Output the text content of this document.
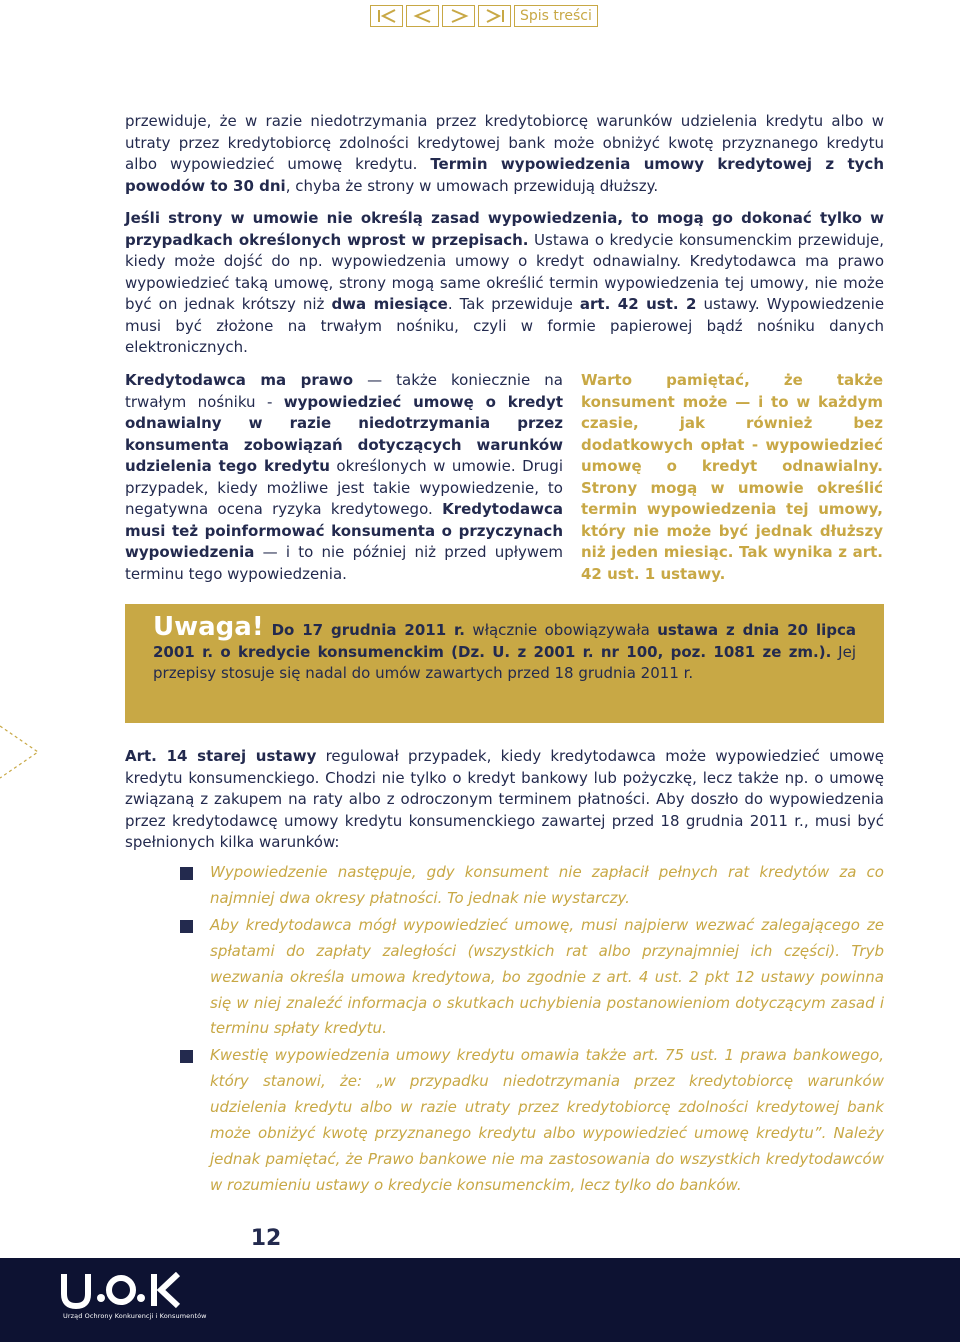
Spis treści

przewiduje, że w razie niedotrzymania przez kredytobiorcę warunków udzielenia kredytu albo w utraty przez kredytobiorcę zdolności kredytowej bank może obniżyć kwotę przyznanego kredytu albo wypowiedzieć umowę kredytu. Termin wypowiedzenia umowy kredytowej z tych powodów to 30 dni, chyba że strony w umowach przewidują dłuższy.

Jeśli strony w umowie nie określą zasad wypowiedzenia, to mogą go dokonać tylko w przypadkach określonych wprost w przepisach. Ustawa o kredycie konsumenckim przewiduje, kiedy może dojść do np. wypowiedzenia umowy o kredyt odnawialny. Kredytodawca ma prawo wypowiedzieć taką umowę, strony mogą same określić termin wypowiedzenia tej umowy, nie może być on jednak krótszy niż dwa miesiące. Tak przewiduje art. 42 ust. 2 ustawy. Wypowiedzenie musi być złożone na trwałym nośniku, czyli w formie papierowej bądź nośniku danych elektronicznych.

Kredytodawca ma prawo — także koniecznie na trwałym nośniku - wypowiedzieć umowę o kredyt odnawialny w razie niedotrzymania przez konsumenta zobowiązań dotyczących warunków udzielenia tego kredytu określonych w umowie. Drugi przypadek, kiedy możliwe jest takie wypowiedzenie, to negatywna ocena ryzyka kredytowego. Kredytodawca musi też poinformować konsumenta o przyczynach wypowiedzenia — i to nie później niż przed upływem terminu tego wypowiedzenia.

Warto pamiętać, że także konsument może — i to w każdym czasie, jak również bez dodatkowych opłat - wypowiedzieć umowę o kredyt odnawialny. Strony mogą w umowie określić termin wypowiedzenia tej umowy, który nie może być jednak dłuższy niż jeden miesiąc. Tak wynika z art. 42 ust. 1 ustawy.

Uwaga! Do 17 grudnia 2011 r. włącznie obowiązywała ustawa z dnia 20 lipca 2001 r. o kredycie konsumenckim (Dz. U. z 2001 r. nr 100, poz. 1081 ze zm.). Jej przepisy stosuje się nadal do umów zawartych przed 18 grudnia 2011 r.

Art. 14 starej ustawy regulował przypadek, kiedy kredytodawca może wypowiedzieć umowę kredytu konsumenckiego. Chodzi nie tylko o kredyt bankowy lub pożyczkę, lecz także np. o umowę związaną z zakupem na raty albo z odroczonym terminem płatności. Aby doszło do wypowiedzenia przez kredytodawcę umowy kredytu konsumenckiego zawartej przed 18 grudnia 2011 r., musi być spełnionych kilka warunków:

Wypowiedzenie następuje, gdy konsument nie zapłacił pełnych rat kredytów za co najmniej dwa okresy płatności. To jednak nie wystarczy.
Aby kredytodawca mógł wypowiedzieć umowę, musi najpierw wezwać zalegającego ze spłatami do zapłaty zaległości (wszystkich rat albo przynajmniej ich części). Tryb wezwania określa umowa kredytowa, bo zgodnie z art. 4 ust. 2 pkt 12 ustawy powinna się w niej znaleźć informacja o skutkach uchybienia postanowieniom dotyczącym zasad i terminu spłaty kredytu.
Kwestię wypowiedzenia umowy kredytu omawia także art. 75 ust. 1 prawa bankowego, który stanowi, że: „w przypadku niedotrzymania przez kredytobiorcę warunków udzielenia kredytu albo w razie utraty przez kredytobiorcę zdolności kredytowej bank może obniżyć kwotę przyznanego kredytu albo wypowiedzieć umowę kredytu”. Należy jednak pamiętać, że Prawo bankowe nie ma zastosowania do wszystkich kredytodawców w rozumieniu ustawy o kredycie konsumenckim, lecz tylko do banków.
12
Urząd Ochrony Konkurencji i Konsumentów
